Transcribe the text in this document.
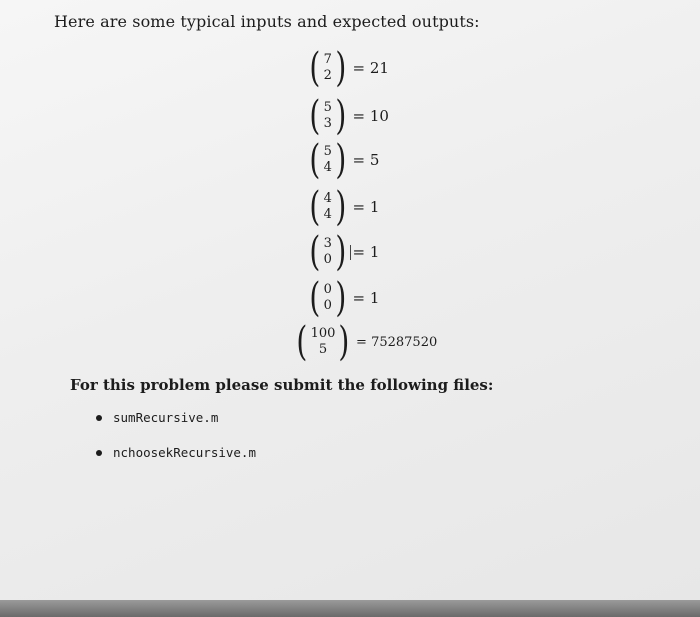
Here are some typical inputs and expected outputs:
( 7
2 ) = 21
( 5
3 ) = 10
( 5
4 ) = 5
( 4
4 ) = 1
( 3
0 ) = 1
( 0
0 ) = 1
( 100
5 ) = 75287520
For this problem please submit the following files:
sumRecursive.m
nchoosekRecursive.m
